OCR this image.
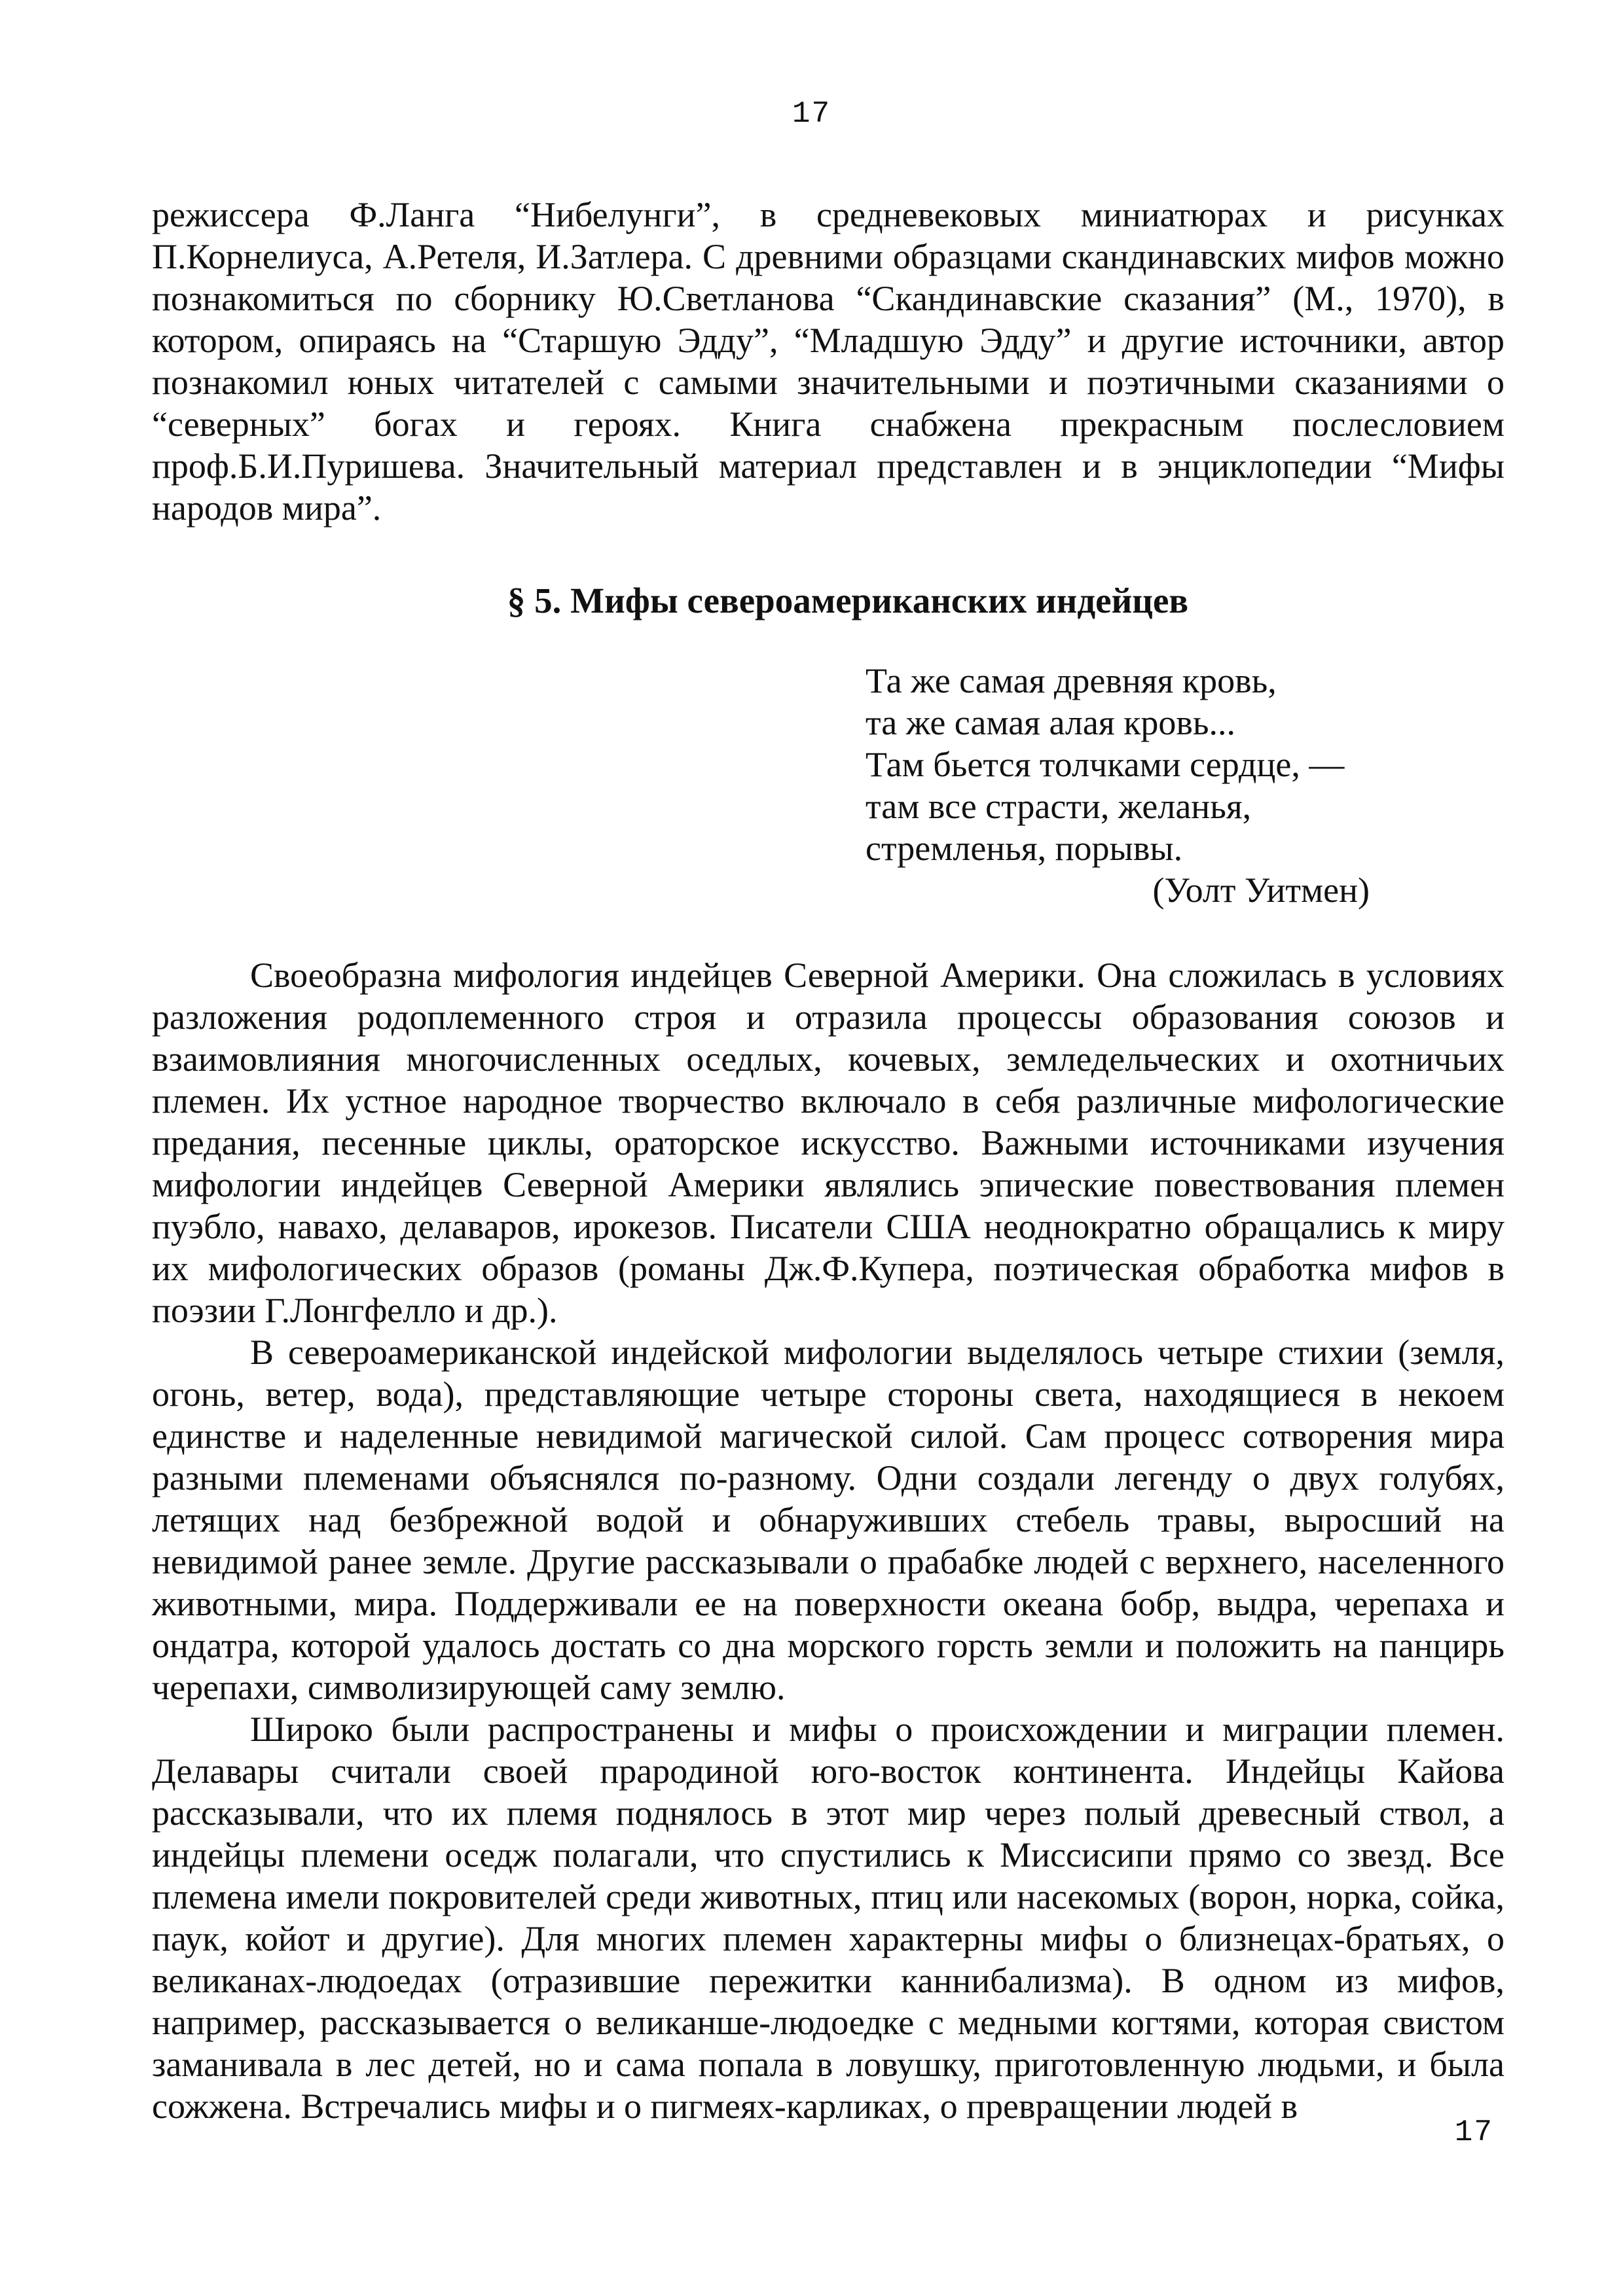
17

режиссера Ф.Ланга “Нибелунги”, в средневековых миниатюрах и рисунках П.Корнелиуса, А.Ретеля, И.Затлера. С древними образцами скандинавских мифов можно познакомиться по сборнику Ю.Светланова “Скандинавские сказания” (М., 1970), в котором, опираясь на “Старшую Эдду”, “Младшую Эдду” и другие источники, автор познакомил юных читателей с самыми значительными и поэтичными сказаниями о “северных” богах и героях. Книга снабжена прекрасным послесловием проф.Б.И.Пуришева. Значительный материал представлен и в энциклопедии “Мифы народов мира”.

§ 5. Мифы североамериканских индейцев
Та же самая древняя кровь,
та же самая алая кровь...
Там бьется толчками сердце, —
там все страсти, желанья,
стремленья, порывы.
(Уолт Уитмен)

Своеобразна мифология индейцев Северной Америки. Она сложилась в условиях разложения родоплеменного строя и отразила процессы образования союзов и взаимовлияния многочисленных оседлых, кочевых, земледельческих и охотничьих племен. Их устное народное творчество включало в себя различные мифологические предания, песенные циклы, ораторское искусство. Важными источниками изучения мифологии индейцев Северной Америки являлись эпические повествования племен пуэбло, навахо, делаваров, ирокезов. Писатели США неоднократно обращались к миру их мифологических образов (романы Дж.Ф.Купера, поэтическая обработка мифов в поэзии Г.Лонгфелло и др.).

В североамериканской индейской мифологии выделялось четыре стихии (земля, огонь, ветер, вода), представляющие четыре стороны света, находящиеся в некоем единстве и наделенные невидимой магической силой. Сам процесс сотворения мира разными племенами объяснялся по-разному. Одни создали легенду о двух голубях, летящих над безбрежной водой и обнаруживших стебель травы, выросший на невидимой ранее земле. Другие рассказывали о прабабке людей с верхнего, населенного животными, мира. Поддерживали ее на поверхности океана бобр, выдра, черепаха и ондатра, которой удалось достать со дна морского горсть земли и положить на панцирь черепахи, символизирующей саму землю.

Широко были распространены и мифы о происхождении и миграции племен. Делавары считали своей прародиной юго-восток континента. Индейцы Кайова рассказывали, что их племя поднялось в этот мир через полый древесный ствол, а индейцы племени оседж полагали, что спустились к Миссисипи прямо со звезд. Все племена имели покровителей среди животных, птиц или насекомых (ворон, норка, сойка, паук, койот и другие). Для многих племен характерны мифы о близнецах-братьях, о великанах-людоедах (отразившие пережитки каннибализма). В одном из мифов, например, рассказывается о великанше-людоедке с медными когтями, которая свистом заманивала в лес детей, но и сама попала в ловушку, приготовленную людьми, и была сожжена. Встречались мифы и о пигмеях-карликах, о превращении людей в

17
